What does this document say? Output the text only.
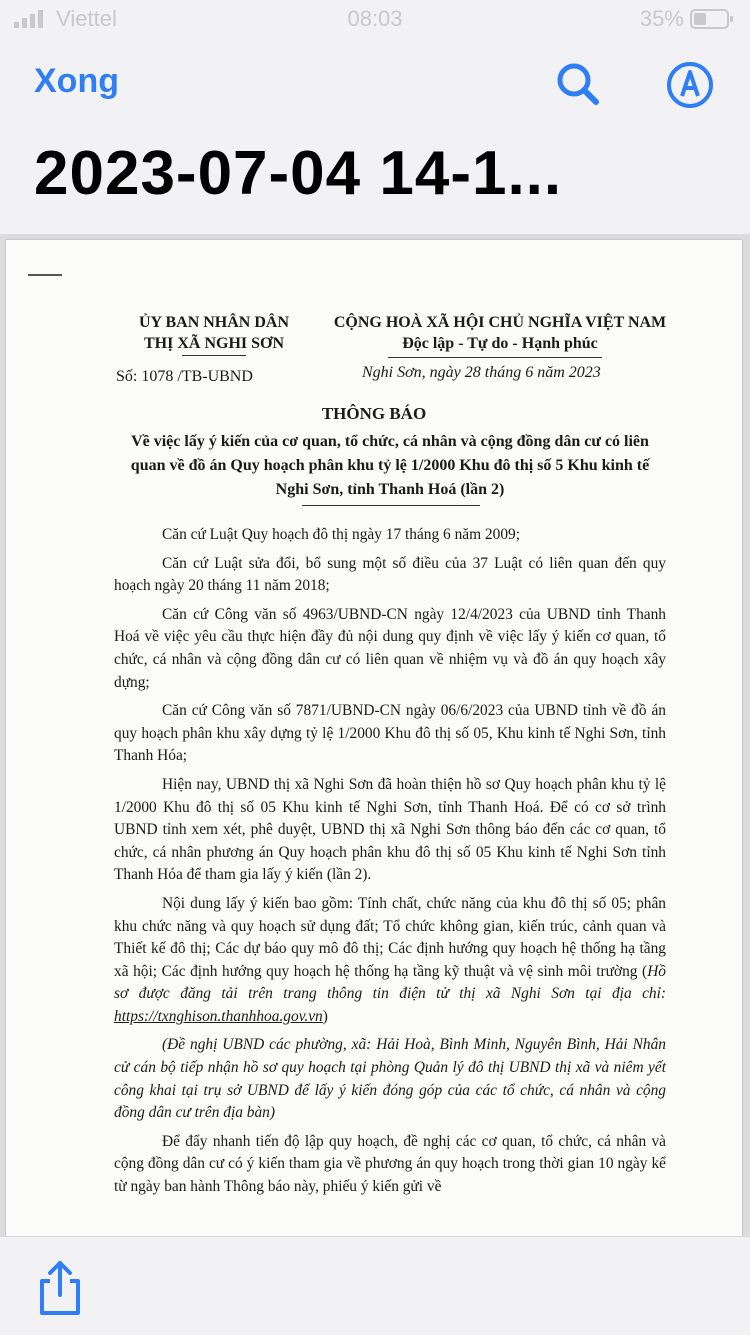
Viettel	08:03	35%
Xong
2023-07-04 14-1...
ỦY BAN NHÂN DÂN
THỊ XÃ NGHI SƠN
CỘNG HOÀ XÃ HỘI CHỦ NGHĨA VIỆT NAM
Độc lập - Tự do - Hạnh phúc
Số: 1078 /TB-UBND	Nghi Sơn, ngày 28 tháng 6 năm 2023
THÔNG BÁO
Về việc lấy ý kiến của cơ quan, tổ chức, cá nhân và cộng đồng dân cư có liên quan về đồ án Quy hoạch phân khu tỷ lệ 1/2000 Khu đô thị số 5 Khu kinh tế Nghi Sơn, tỉnh Thanh Hoá (lần 2)

Căn cứ Luật Quy hoạch đô thị ngày 17 tháng 6 năm 2009;

Căn cứ Luật sửa đổi, bổ sung một số điều của 37 Luật có liên quan đến quy hoạch ngày 20 tháng 11 năm 2018;

Căn cứ Công văn số 4963/UBND-CN ngày 12/4/2023 của UBND tỉnh Thanh Hoá về việc yêu cầu thực hiện đầy đủ nội dung quy định về việc lấy ý kiến cơ quan, tổ chức, cá nhân và cộng đồng dân cư có liên quan về nhiệm vụ và đồ án quy hoạch xây dựng;

Căn cứ Công văn số 7871/UBND-CN ngày 06/6/2023 của UBND tỉnh về đồ án quy hoạch phân khu xây dựng tỷ lệ 1/2000 Khu đô thị số 05, Khu kinh tế Nghi Sơn, tỉnh Thanh Hóa;

Hiện nay, UBND thị xã Nghi Sơn đã hoàn thiện hồ sơ Quy hoạch phân khu tỷ lệ 1/2000 Khu đô thị số 05 Khu kinh tế Nghi Sơn, tỉnh Thanh Hoá. Để có cơ sở trình UBND tỉnh xem xét, phê duyệt, UBND thị xã Nghi Sơn thông báo đến các cơ quan, tổ chức, cá nhân phương án Quy hoạch phân khu đô thị số 05 Khu kinh tế Nghi Sơn tỉnh Thanh Hóa để tham gia lấy ý kiến (lần 2).

Nội dung lấy ý kiến bao gồm: Tính chất, chức năng của khu đô thị số 05; phân khu chức năng và quy hoạch sử dụng đất; Tổ chức không gian, kiến trúc, cảnh quan và Thiết kế đô thị; Các dự báo quy mô đô thị; Các định hướng quy hoạch hệ thống hạ tầng xã hội; Các định hướng quy hoạch hệ thống hạ tầng kỹ thuật và vệ sinh môi trường (Hồ sơ được đăng tải trên trang thông tin điện tử thị xã Nghi Sơn tại địa chỉ: https://txnghison.thanhhoa.gov.vn)

(Đề nghị UBND các phường, xã: Hải Hoà, Bình Minh, Nguyên Bình, Hải Nhân cử cán bộ tiếp nhận hồ sơ quy hoạch tại phòng Quản lý đô thị UBND thị xã và niêm yết công khai tại trụ sở UBND để lấy ý kiến đóng góp của các tổ chức, cá nhân và cộng đồng dân cư trên địa bàn)

Để đẩy nhanh tiến độ lập quy hoạch, đề nghị các cơ quan, tổ chức, cá nhân và cộng đồng dân cư có ý kiến tham gia về phương án quy hoạch trong thời gian 10 ngày kể từ ngày ban hành Thông báo này, phiếu ý kiến gửi về
